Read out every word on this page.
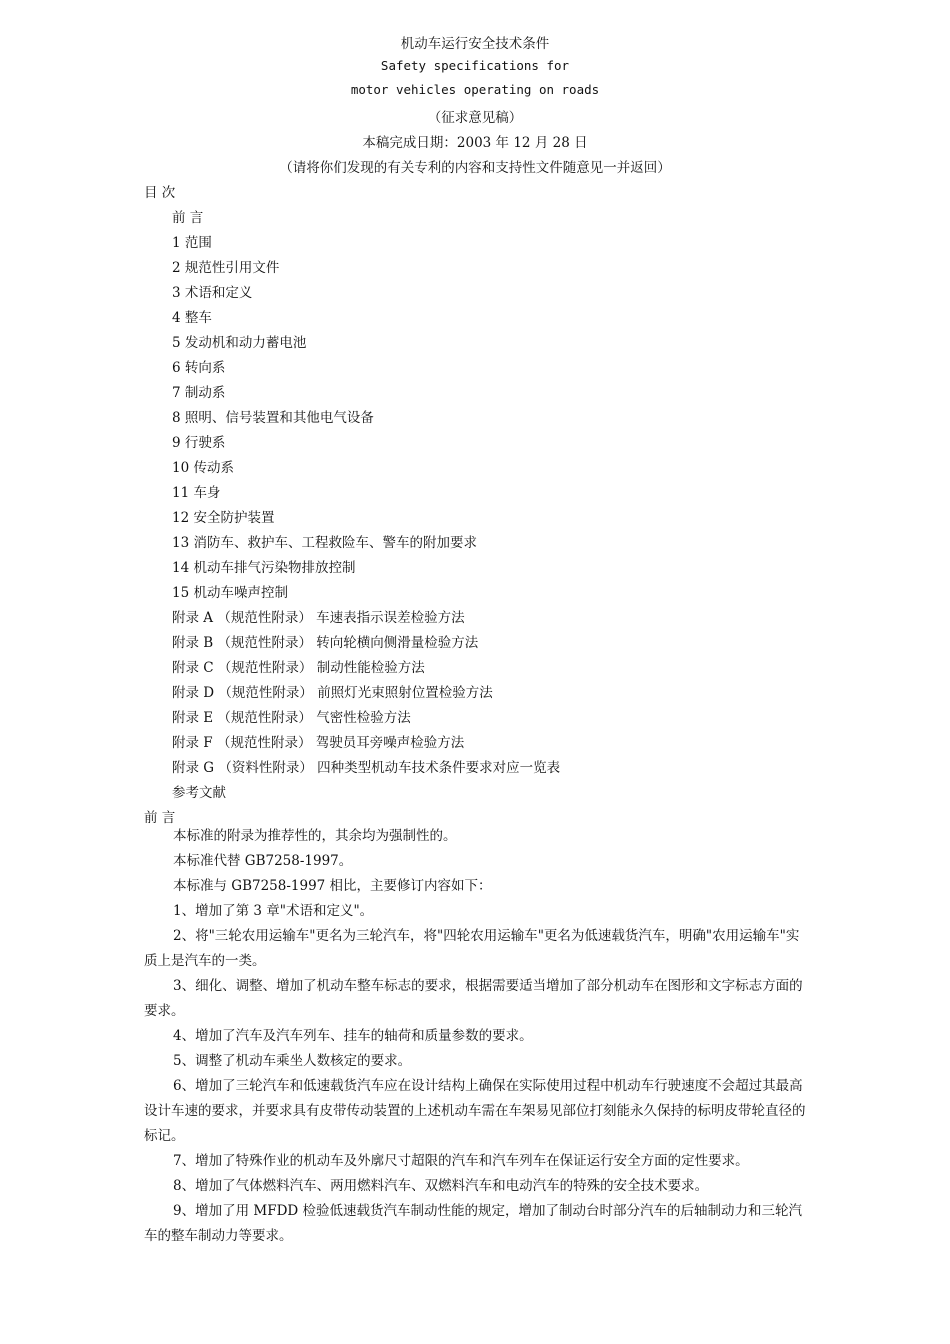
机动车运行安全技术条件
Safety specifications for
motor vehicles operating on roads
（征求意见稿）
本稿完成日期：2003 年 12 月 28 日
（请将你们发现的有关专利的内容和支持性文件随意见一并返回）
目 次
前 言
1 范围
2 规范性引用文件
3 术语和定义
4 整车
5 发动机和动力蓄电池
6 转向系
7 制动系
8 照明、信号装置和其他电气设备
9 行驶系
10 传动系
11 车身
12 安全防护装置
13 消防车、救护车、工程救险车、警车的附加要求
14 机动车排气污染物排放控制
15 机动车噪声控制
附录 A （规范性附录） 车速表指示误差检验方法
附录 B （规范性附录） 转向轮横向侧滑量检验方法
附录 C （规范性附录） 制动性能检验方法
附录 D （规范性附录） 前照灯光束照射位置检验方法
附录 E （规范性附录） 气密性检验方法
附录 F （规范性附录） 驾驶员耳旁噪声检验方法
附录 G （资料性附录） 四种类型机动车技术条件要求对应一览表
参考文献
前 言
本标准的附录为推荐性的，其余均为强制性的。
本标准代替 GB7258-1997。
本标准与 GB7258-1997 相比，主要修订内容如下：
1、增加了第 3 章"术语和定义"。
2、将"三轮农用运输车"更名为三轮汽车，将"四轮农用运输车"更名为低速载货汽车，明确"农用运输车"实质上是汽车的一类。
3、细化、调整、增加了机动车整车标志的要求，根据需要适当增加了部分机动车在图形和文字标志方面的要求。
4、增加了汽车及汽车列车、挂车的轴荷和质量参数的要求。
5、调整了机动车乘坐人数核定的要求。
6、增加了三轮汽车和低速载货汽车应在设计结构上确保在实际使用过程中机动车行驶速度不会超过其最高设计车速的要求，并要求具有皮带传动装置的上述机动车需在车架易见部位打刻能永久保持的标明皮带轮直径的标记。
7、增加了特殊作业的机动车及外廓尺寸超限的汽车和汽车列车在保证运行安全方面的定性要求。
8、增加了气体燃料汽车、两用燃料汽车、双燃料汽车和电动汽车的特殊的安全技术要求。
9、增加了用 MFDD 检验低速载货汽车制动性能的规定，增加了制动台时部分汽车的后轴制动力和三轮汽车的整车制动力等要求。
